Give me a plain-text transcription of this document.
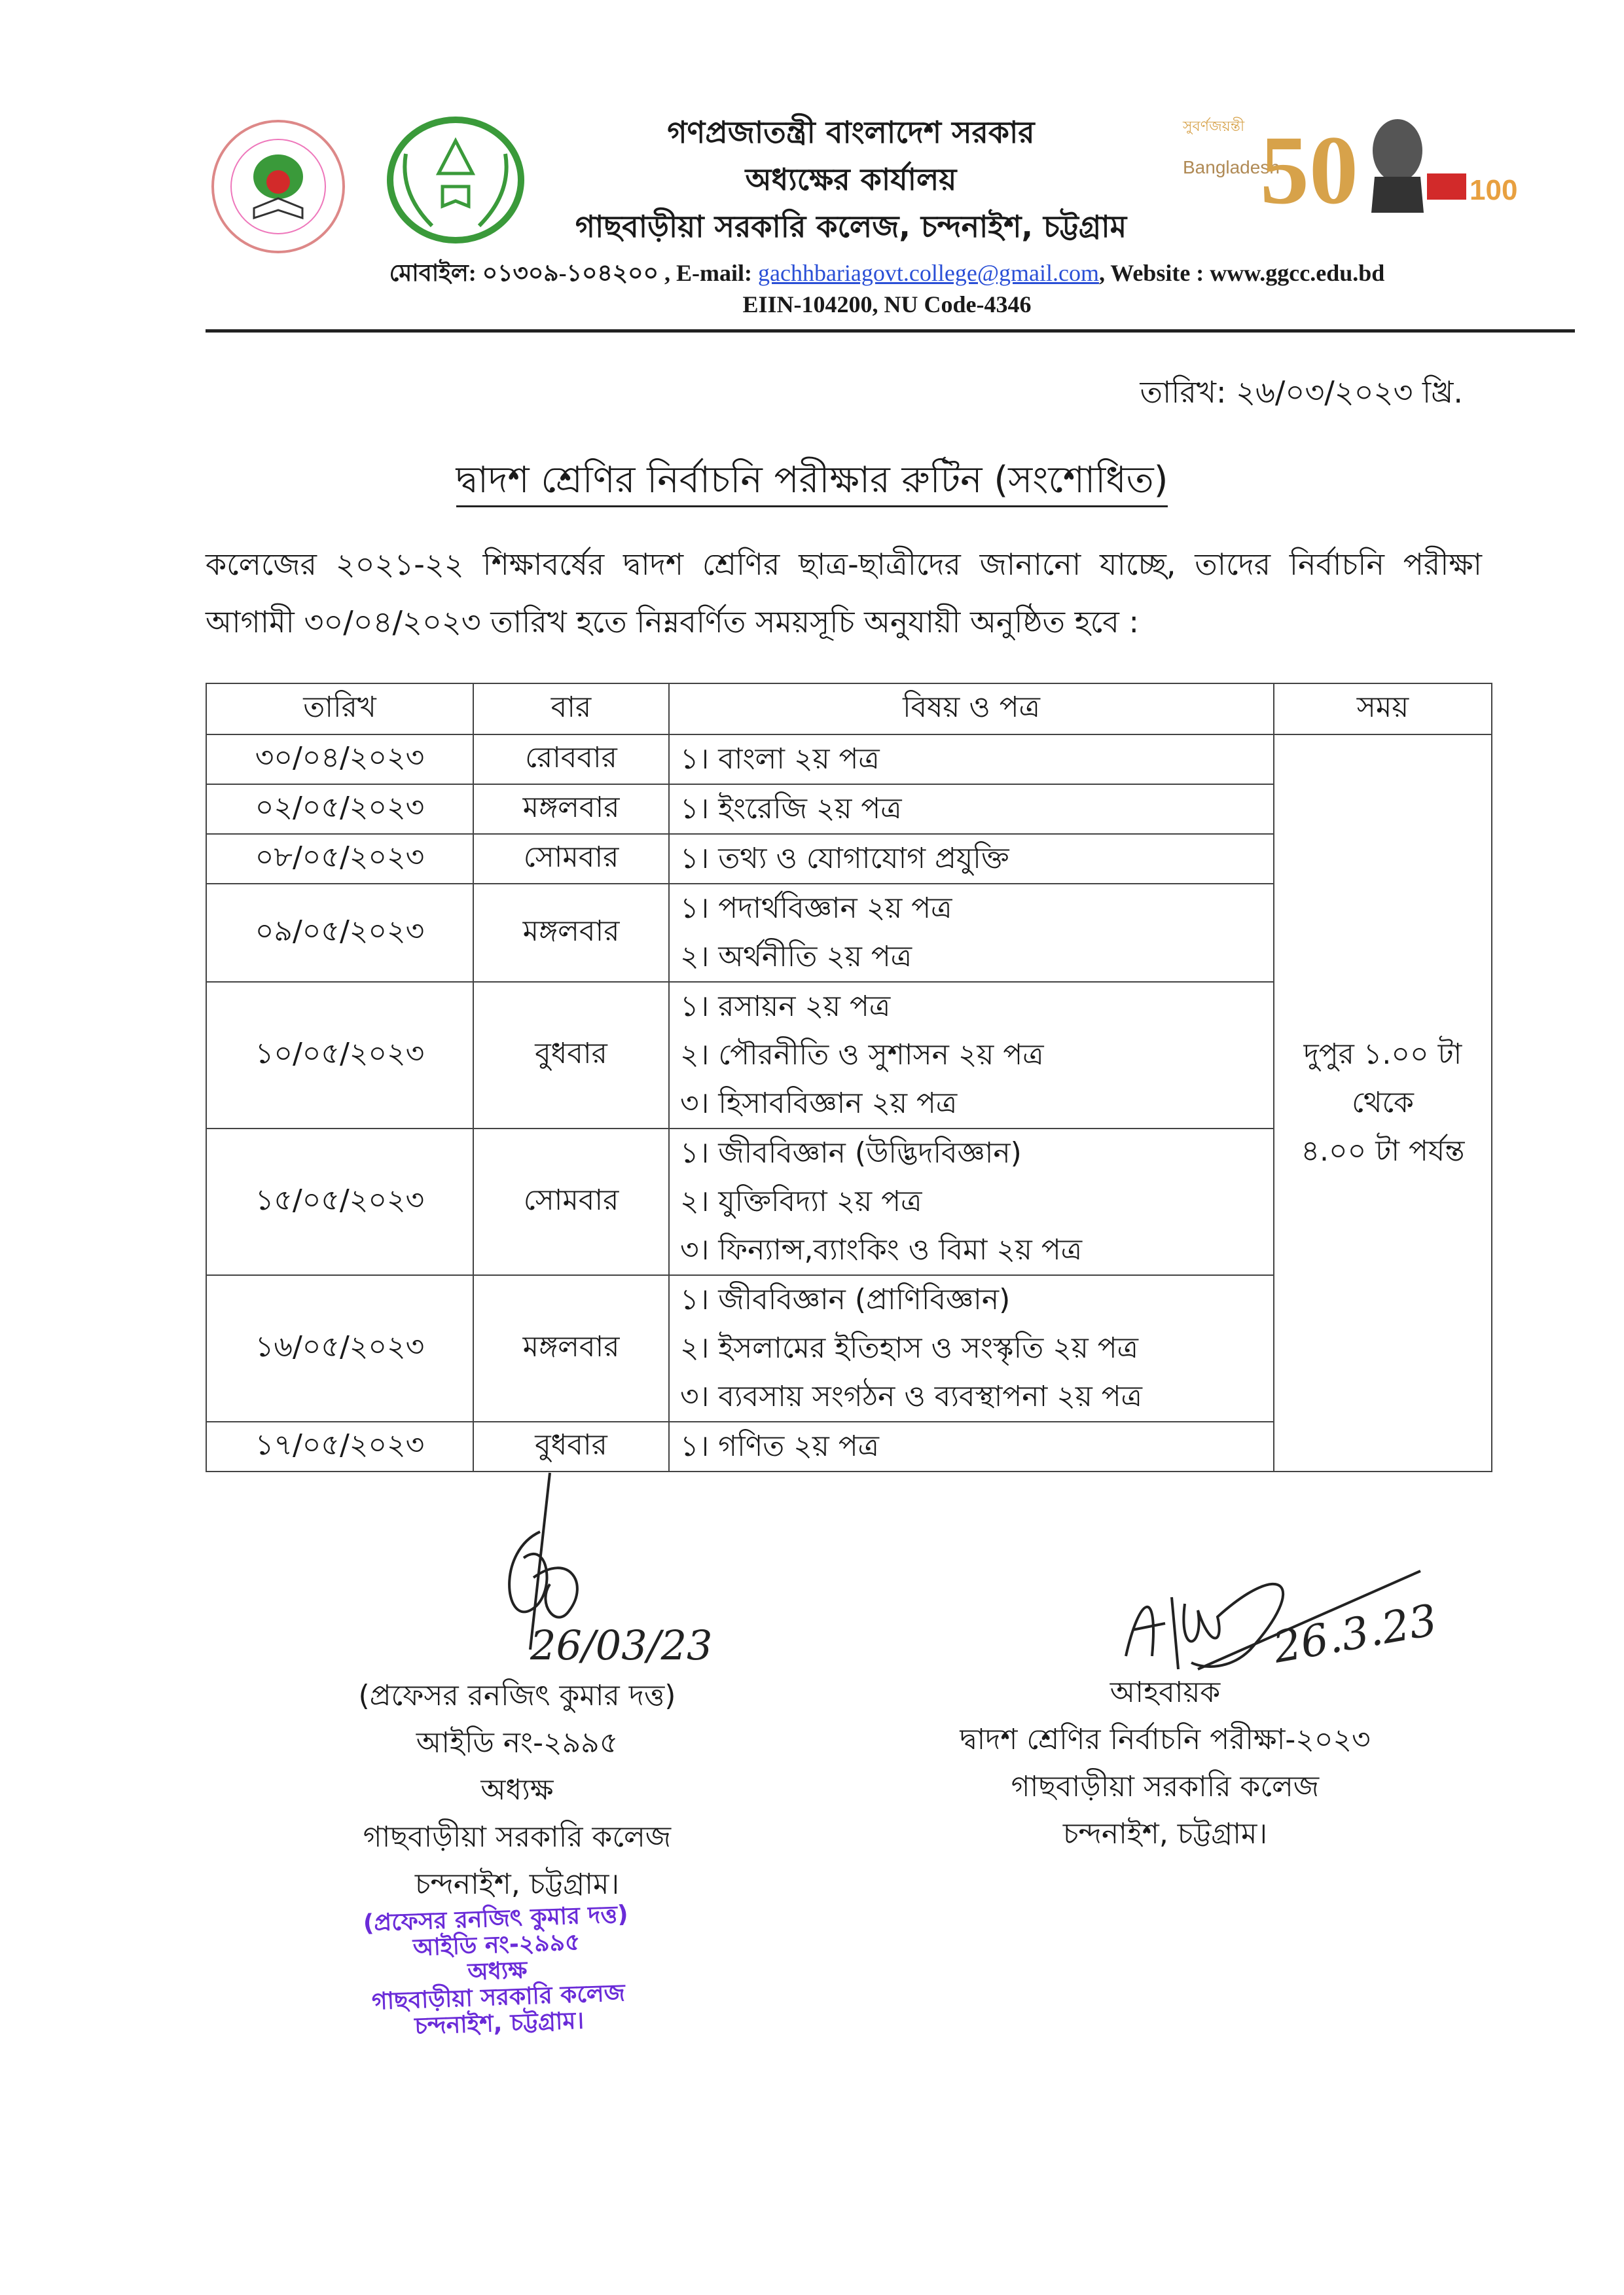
সুবর্ণজয়ন্তী
Bangladesh
50	100
গণপ্রজাতন্ত্রী বাংলাদেশ সরকার
অধ্যক্ষের কার্যালয়
গাছবাড়ীয়া সরকারি কলেজ, চন্দনাইশ, চট্টগ্রাম
মোবাইল: ০১৩০৯-১০৪২০০ , E-mail: gachhbariagovt.college@gmail.com, Website : www.ggcc.edu.bd
EIIN-104200, NU Code-4346
তারিখ: ২৬/০৩/২০২৩ খ্রি.
দ্বাদশ শ্রেণির নির্বাচনি পরীক্ষার রুটিন (সংশোধিত)
কলেজের ২০২১-২২ শিক্ষাবর্ষের দ্বাদশ শ্রেণির ছাত্র-ছাত্রীদের জানানো যাচ্ছে, তাদের নির্বাচনি পরীক্ষা আগামী ৩০/০৪/২০২৩ তারিখ হতে নিম্নবর্ণিত সময়সূচি অনুযায়ী অনুষ্ঠিত হবে :
তারিখ	বার	বিষয় ও পত্র	সময়
৩০/০৪/২০২৩	রোববার	১। বাংলা ২য় পত্র	দুপুর ১.০০ টা
থেকে
৪.০০ টা পর্যন্ত

০২/০৫/২০২৩	মঙ্গলবার	১। ইংরেজি ২য় পত্র	

০৮/০৫/২০২৩	সোমবার	১। তথ্য ও যোগাযোগ প্রযুক্তি	

০৯/০৫/২০২৩	মঙ্গলবার	১। পদার্থবিজ্ঞান ২য় পত্র
২। অর্থনীতি ২য় পত্র	

১০/০৫/২০২৩	বুধবার	১। রসায়ন ২য় পত্র
২। পৌরনীতি ও সুশাসন ২য় পত্র
৩। হিসাববিজ্ঞান ২য় পত্র	

১৫/০৫/২০২৩	সোমবার	১। জীববিজ্ঞান (উদ্ভিদবিজ্ঞান)
২। যুক্তিবিদ্যা ২য় পত্র
৩। ফিন্যান্স,ব্যাংকিং ও বিমা ২য় পত্র	

১৬/০৫/২০২৩	মঙ্গলবার	১। জীববিজ্ঞান (প্রাণিবিজ্ঞান)
২। ইসলামের ইতিহাস ও সংস্কৃতি ২য় পত্র
৩। ব্যবসায় সংগঠন ও ব্যবস্থাপনা ২য় পত্র	

১৭/০৫/২০২৩	বুধবার	১। গণিত ২য় পত্র	
26/03/23
(প্রফেসর রনজিৎ কুমার দত্ত)
আইডি নং-২৯৯৫
অধ্যক্ষ
গাছবাড়ীয়া সরকারি কলেজ
চন্দনাইশ, চট্টগ্রাম।
(প্রফেসর রনজিৎ কুমার দত্ত)
আইডি নং-২৯৯৫
অধ্যক্ষ
গাছবাড়ীয়া সরকারি কলেজ
চন্দনাইশ, চট্টগ্রাম।
26.3.23
আহবায়ক
দ্বাদশ শ্রেণির নির্বাচনি পরীক্ষা-২০২৩
গাছবাড়ীয়া সরকারি কলেজ
চন্দনাইশ, চট্টগ্রাম।
